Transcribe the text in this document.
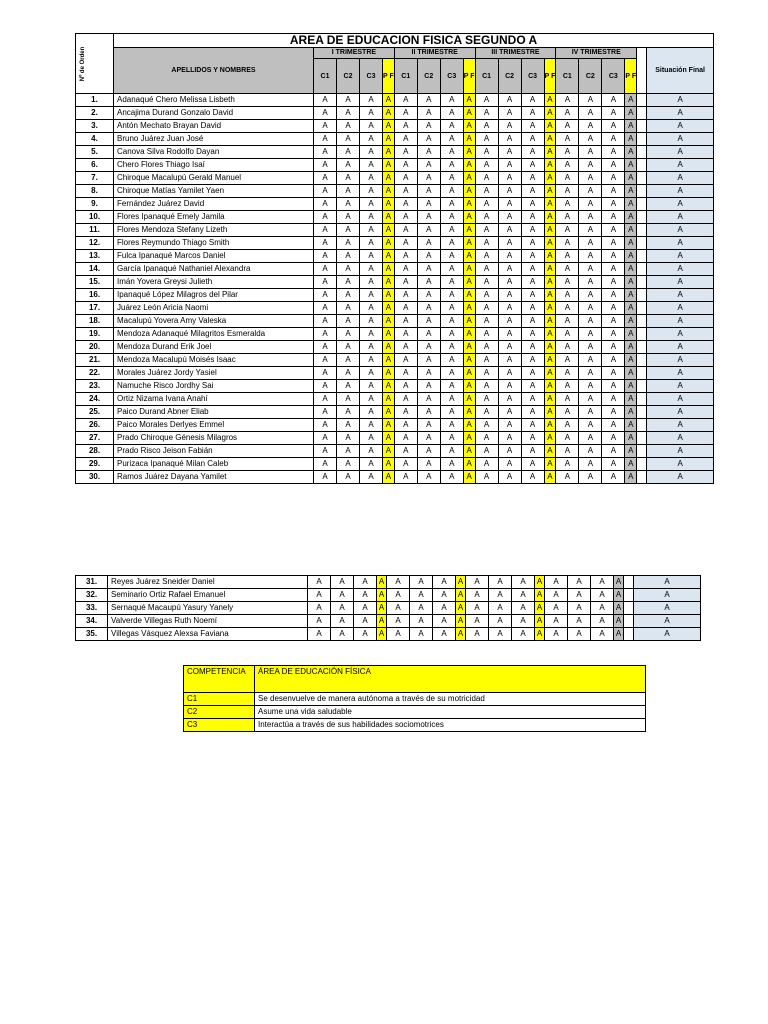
Nº de Orden	AREA DE EDUCACION FISICA SEGUNDO A																		
	APELLIDOS Y NOMBRES	I TRIMESTRE				II TRIMESTRE				III TRIMESTRE				IV TRIMESTRE					Situación Final
		C1	C2	C3	P F	C1	C2	C3	P F	C1	C2	C3	P F	C1	C2	C3	P F		
1.	Adanaqué Chero Melissa Lisbeth	A	A	A	A	A	A	A	A	A	A	A	A	A	A	A	A		A
2.	Ancajima Durand Gonzalo David	A	A	A	A	A	A	A	A	A	A	A	A	A	A	A	A		A
3.	Antón Mechato Brayan David	A	A	A	A	A	A	A	A	A	A	A	A	A	A	A	A		A
4.	Bruno Juárez Juan José	A	A	A	A	A	A	A	A	A	A	A	A	A	A	A	A		A
5.	Canova Silva Rodolfo Dayan	A	A	A	A	A	A	A	A	A	A	A	A	A	A	A	A		A
6.	Chero Flores Thiago Isaí	A	A	A	A	A	A	A	A	A	A	A	A	A	A	A	A		A
7.	Chiroque Macalupú Gerald Manuel	A	A	A	A	A	A	A	A	A	A	A	A	A	A	A	A		A
8.	Chiroque Matías Yamilet Yaen	A	A	A	A	A	A	A	A	A	A	A	A	A	A	A	A		A
9.	Fernández Juárez David	A	A	A	A	A	A	A	A	A	A	A	A	A	A	A	A		A
10.	Flores Ipanaqué Emely Jamila	A	A	A	A	A	A	A	A	A	A	A	A	A	A	A	A		A
11.	Flores Mendoza Stefany Lizeth	A	A	A	A	A	A	A	A	A	A	A	A	A	A	A	A		A
12.	Flores Reymundo Thiago Smith	A	A	A	A	A	A	A	A	A	A	A	A	A	A	A	A		A
13.	Fulca Ipanaqué Marcos Daniel	A	A	A	A	A	A	A	A	A	A	A	A	A	A	A	A		A
14.	García Ipanaqué Nathaniel Alexandra	A	A	A	A	A	A	A	A	A	A	A	A	A	A	A	A		A
15.	Imán Yovera Greysi Julieth	A	A	A	A	A	A	A	A	A	A	A	A	A	A	A	A		A
16.	Ipanaqué López Milagros del Pilar	A	A	A	A	A	A	A	A	A	A	A	A	A	A	A	A		A
17.	Juárez León Aricia Naomi	A	A	A	A	A	A	A	A	A	A	A	A	A	A	A	A		A
18.	Macalupú Yovera Amy Valeska	A	A	A	A	A	A	A	A	A	A	A	A	A	A	A	A		A
19.	Mendoza Adanaqué Milagritos Esmeralda	A	A	A	A	A	A	A	A	A	A	A	A	A	A	A	A		A
20.	Mendoza Durand Erik Joel	A	A	A	A	A	A	A	A	A	A	A	A	A	A	A	A		A
21.	Mendoza Macalupú Moisés Isaac	A	A	A	A	A	A	A	A	A	A	A	A	A	A	A	A		A
22.	Morales Juárez Jordy Yasiel	A	A	A	A	A	A	A	A	A	A	A	A	A	A	A	A		A
23.	Namuche Risco Jordhy Sai	A	A	A	A	A	A	A	A	A	A	A	A	A	A	A	A		A
24.	Ortiz Nizama Ivana Anahí	A	A	A	A	A	A	A	A	A	A	A	A	A	A	A	A		A
25.	Paico Durand Abner Eliab	A	A	A	A	A	A	A	A	A	A	A	A	A	A	A	A		A
26.	Paico Morales Derlyes Emmel	A	A	A	A	A	A	A	A	A	A	A	A	A	A	A	A		A
27.	Prado Chiroque Génesis Milagros	A	A	A	A	A	A	A	A	A	A	A	A	A	A	A	A		A
28.	Prado Risco Jeison Fabián	A	A	A	A	A	A	A	A	A	A	A	A	A	A	A	A		A
29.	Purizaca Ipanaqué Milan Caleb	A	A	A	A	A	A	A	A	A	A	A	A	A	A	A	A		A
30.	Ramos Juárez Dayana Yamilet	A	A	A	A	A	A	A	A	A	A	A	A	A	A	A	A		A
31.	Reyes Juárez Sneider Daniel	A	A	A	A	A	A	A	A	A	A	A	A	A	A	A	A		A
32.	Seminario Ortiz Rafael Emanuel	A	A	A	A	A	A	A	A	A	A	A	A	A	A	A	A		A
33.	Sernaqué Macaupú Yasury Yanely	A	A	A	A	A	A	A	A	A	A	A	A	A	A	A	A		A
34.	Valverde Villegas Ruth Noemí	A	A	A	A	A	A	A	A	A	A	A	A	A	A	A	A		A
35.	Villegas Vásquez Alexsa Faviana	A	A	A	A	A	A	A	A	A	A	A	A	A	A	A	A		A
COMPETENCIA	ÁREA DE EDUCACIÓN FÍSICA
C1	Se desenvuelve de manera autónoma a través de su motricidad
C2	Asume una vida saludable
C3	Interactúa a través de sus habilidades sociomotrices
